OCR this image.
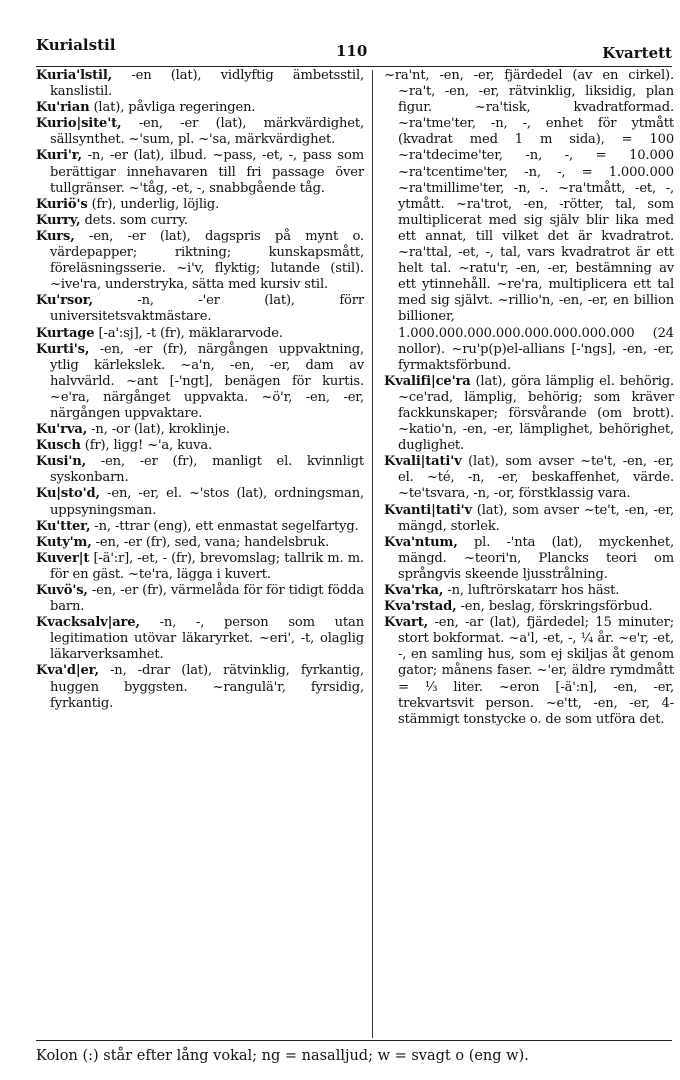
Kurialstil	110	Kvartett

Kuria'lstil, -en (lat), vidlyftig ämbetsstil, kanslistil.

Ku'rian (lat), påvliga regeringen.

Kurio|site't, -en, -er (lat), märkvärdighet, sällsynthet. ~'sum, pl. ~'sa, märkvärdighet.

Kuri'r, -n, -er (lat), ilbud. ~pass, -et, -, pass som berättigar innehavaren till fri passage över tullgränser. ~'tåg, -et, -, snabbgående tåg.

Kuriö's (fr), underlig, löjlig.

Kurry, dets. som curry.

Kurs, -en, -er (lat), dagspris på mynt o. värdepapper; riktning; kunskapsmått, föreläsningsserie. ~i'v, flyktig; lutande (stil). ~ive'ra, understryka, sätta med kursiv stil.

Ku'rsor, -n, -'er (lat), förr universitetsvaktmästare.

Kurtage [-a':sj], -t (fr), mäklararvode.

Kurti's, -en, -er (fr), närgången uppvaktning, ytlig kärlekslek. ~a'n, -en, -er, dam av halvvärld. ~ant [-'ngt], benägen för kurtis. ~e'ra, närgånget uppvakta. ~ö'r, -en, -er, närgången uppvaktare.

Ku'rva, -n, -or (lat), kroklinje.

Kusch (fr), ligg! ~'a, kuva.

Kusi'n, -en, -er (fr), manligt el. kvinnligt syskonbarn.

Ku|sto'd, -en, -er, el. ~'stos (lat), ordningsman, uppsyningsman.

Ku'tter, -n, -ttrar (eng), ett enmastat segelfartyg.

Kuty'm, -en, -er (fr), sed, vana; handelsbruk.

Kuver|t [-ä':r], -et, - (fr), brevomslag; tallrik m. m. för en gäst. ~te'ra, lägga i kuvert.

Kuvö's, -en, -er (fr), värmelåda för för tidigt födda barn.

Kvacksalv|are, -n, -, person som utan legitimation utövar läkaryrket. ~eri', -t, olaglig läkarverksamhet.

Kva'd|er, -n, -drar (lat), rätvinklig, fyrkantig, huggen byggsten. ~rangulä'r, fyrsidig, fyrkantig.

~ra'nt, -en, -er, fjärdedel (av en cirkel). ~ra't, -en, -er, rätvinklig, liksidig, plan figur. ~ra'tisk, kvadratformad. ~ra'tme'ter, -n, -, enhet för ytmått (kvadrat med 1 m sida), = 100 ~ra'tdecime'ter, -n, -, = 10.000 ~ra'tcentime'ter, -n, -, = 1.000.000 ~ra'tmillime'ter, -n, -. ~ra'tmått, -et, -, ytmått. ~ra'trot, -en, -rötter, tal, som multiplicerat med sig själv blir lika med ett annat, till vilket det är kvadratrot. ~ra'ttal, -et, -, tal, vars kvadratrot är ett helt tal. ~ratu'r, -en, -er, bestämning av ett ytinnehåll. ~re'ra, multiplicera ett tal med sig självt. ~rillio'n, -en, -er, en billion billioner, 1.000.000.000.000.000.000.000.000 (24 nollor). ~ru'p(p)el-allians [-'ngs], -en, -er, fyrmaktsförbund.

Kvalifi|ce'ra (lat), göra lämplig el. behörig. ~ce'rad, lämplig, behörig; som kräver fackkunskaper; försvårande (om brott). ~katio'n, -en, -er, lämplighet, behörighet, duglighet.

Kvali|tati'v (lat), som avser ~te't, -en, -er, el. ~té, -n, -er, beskaffenhet, värde. ~te'tsvara, -n, -or, förstklassig vara.

Kvanti|tati'v (lat), som avser ~te't, -en, -er, mängd, storlek.

Kva'ntum, pl. -'nta (lat), myckenhet, mängd. ~teori'n, Plancks teori om språngvis skeende ljusstrålning.

Kva'rka, -n, luftrörskatarr hos häst.

Kva'rstad, -en, beslag, förskringsförbud.

Kvart, -en, -ar (lat), fjärdedel; 15 minuter; stort bokformat. ~a'l, -et, -, ¼ år. ~e'r, -et, -, en samling hus, som ej skiljas åt genom gator; månens faser. ~'er, äldre rymdmått = ⅓ liter. ~eron [-ä':n], -en, -er, trekvartsvit person. ~e'tt, -en, -er, 4-stämmigt tonstycke o. de som utföra det.

Kolon (:) står efter lång vokal; ng = nasalljud; w = svagt o (eng w).
